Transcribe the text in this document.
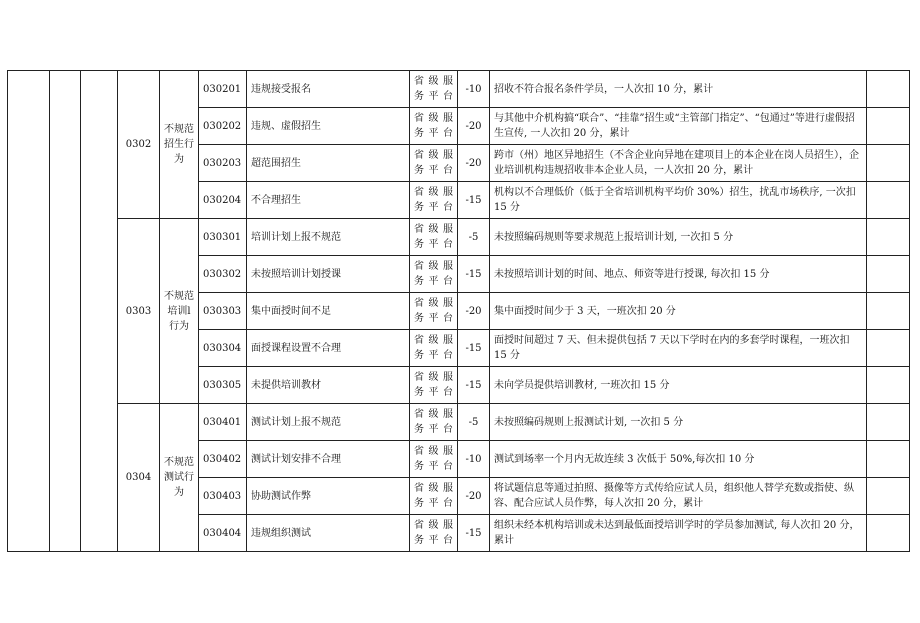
			0302	不规范招生行为	030201	违规接受报名	省级服务平台	-10	招收不符合报名条件学员，一人次扣 10 分，累计	
					030202	违规、虚假招生	省级服务平台	-20	与其他中介机构搞“联合”、“挂靠”招生或“主管部门指定”、“包通过”等进行虚假招生宣传, 一人次扣 20 分，累计	
					030203	超范围招生	省级服务平台	-20	跨市（州）地区异地招生（不含企业向异地在建项目上的本企业在岗人员招生），企业培训机构违规招收非本企业人员，一人次扣 20 分，累计	
					030204	不合理招生	省级服务平台	-15	机构以不合理低价（低于全省培训机构平均价 30%）招生，扰乱市场秩序, 一次扣 15 分	
			0303	不规范培训l行为	030301	培训计划上报不规范	省级服务平台	-5	未按照编码规则等要求规范上报培训计划, 一次扣 5 分	
					030302	未按照培训计划授课	省级服务平台	-15	未按照培训计划的时间、地点、师资等进行授课, 每次扣 15 分	
					030303	集中面授时间不足	省级服务平台	-20	集中面授时间少于 3 天，一班次扣 20 分	
					030304	面授课程设置不合理	省级服务平台	-15	面授时间超过 7 天、但未提供包括 7 天以下学时在内的多套学时课程，一班次扣 15 分	
					030305	未提供培训教材	省级服务平台	-15	未向学员提供培训教材, 一班次扣 15 分	
			0304	不规范测试行为	030401	测试计划上报不规范	省级服务平台	-5	未按照编码规则上报测试计划, 一次扣 5 分	
					030402	测试计划安排不合理	省级服务平台	-10	测试到场率一个月内无故连续 3 次低于 50%,每次扣 10 分	
					030403	协助测试作弊	省级服务平台	-20	将试题信息等通过拍照、摄像等方式传给应试人员，组织他人替学充数或指使、纵容、配合应试人员作弊，每人次扣 20 分，累计	
					030404	违规组织测试	省级服务平台	-15	组织未经本机构培训或未达到最低面授培训学时的学员参加测试, 每人次扣 20 分，累计	
